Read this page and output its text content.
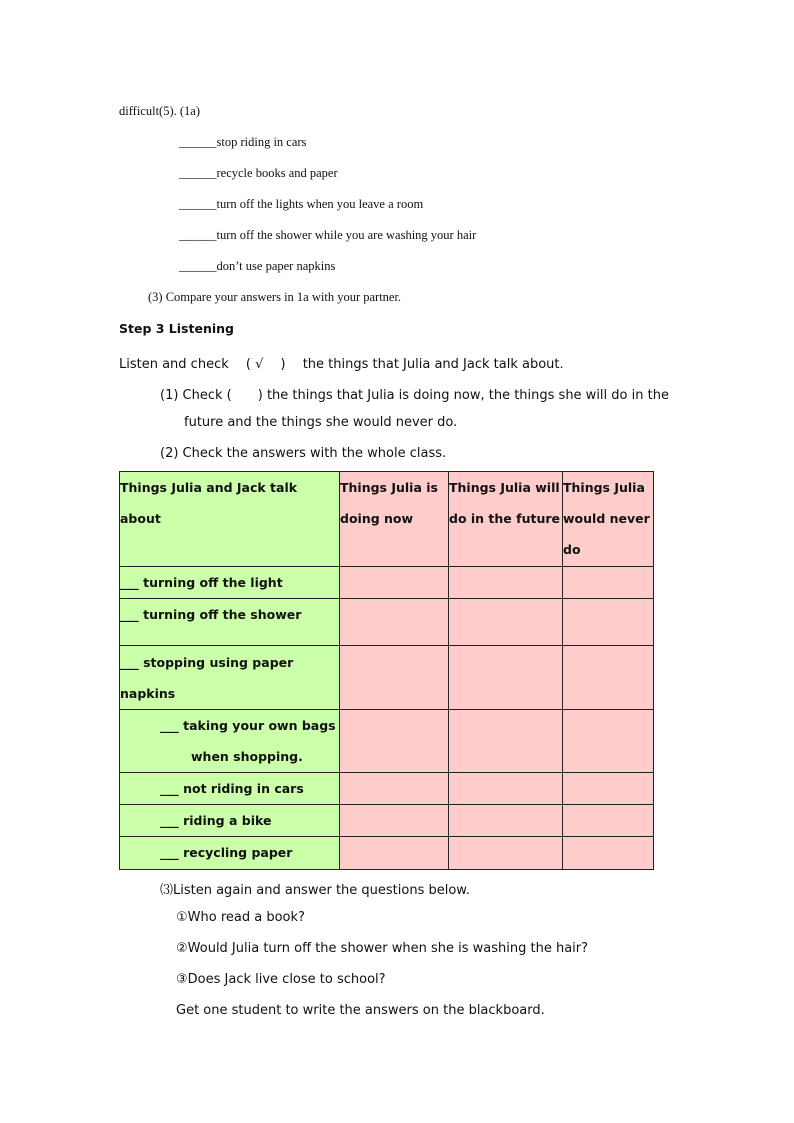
difficult(5). (1a)
______stop riding in cars
______recycle books and paper
______turn off the lights when you leave a room
______turn off the shower while you are washing your hair
______don’t use paper napkins
(3) Compare your answers in 1a with your partner.
Step 3 Listening
Listen and check　 ( √　 )　 the things that Julia and Jack talk about.
(1) Check (　　) the things that Julia is doing now, the things she will do in the
future and the things she would never do.
(2) Check the answers with the whole class.
Things Julia and Jack talk about	Things Julia is doing now	Things Julia will do in the future	Things Julia would never do
___ turning off the light			
___ turning off the shower			
___ stopping using paper napkins			
___ taking your own bags
when shopping.			

___ not riding in cars			
___ riding a bike			
___ recycling paper			
⑶Listen again and answer the questions below.
①Who read a book?
②Would Julia turn off the shower when she is washing the hair?
③Does Jack live close to school?
Get one student to write the answers on the blackboard.
